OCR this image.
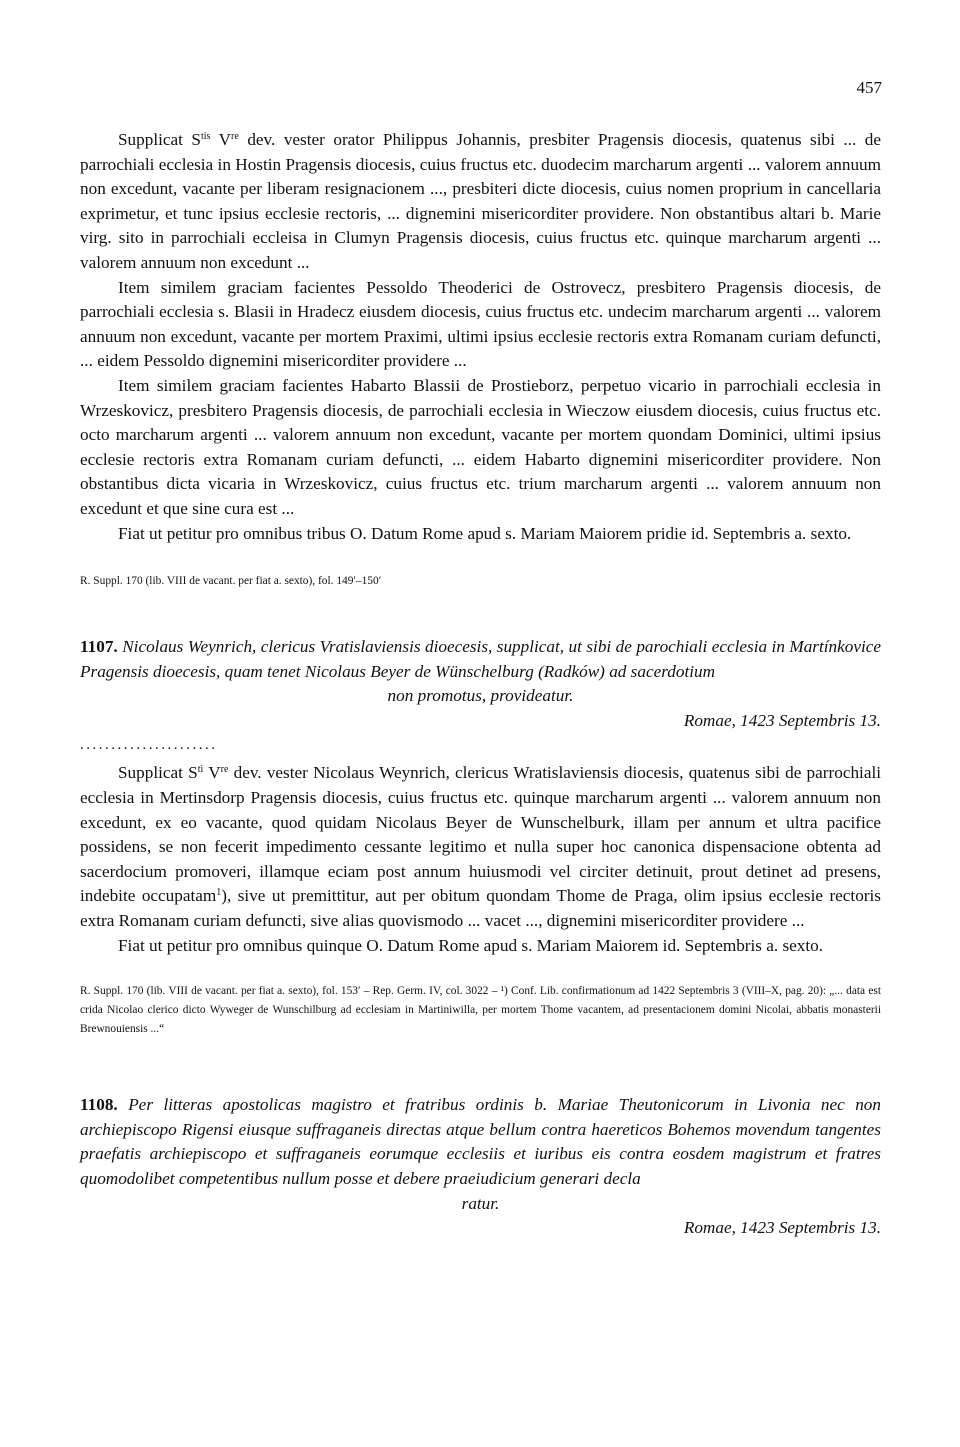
457

Supplicat $S^{tis}$ Vre dev. vester orator Philippus Johannis, presbiter Pragensis diocesis, quatenus sibi ... de parrochiali ecclesia in Hostin Pragensis diocesis, cuius fructus etc. duodecim marcharum argenti ... valorem annuum non excedunt, vacante per liberam resignacionem ..., presbiteri dicte diocesis, cuius nomen proprium in cancellaria exprimetur, et tunc ipsius ecclesie rectoris, ... dignemini misericorditer providere. Non obstantibus altari b. Marie virg. sito in parrochiali eccleisa in Clumyn Pragensis diocesis, cuius fructus etc. quinque marcharum argenti ... valorem annuum non excedunt ...

Item similem graciam facientes Pessoldo Theoderici de Ostrovecz, presbitero Pragensis diocesis, de parrochiali ecclesia s. Blasii in Hradecz eiusdem diocesis, cuius fructus etc. undecim marcharum argenti ... valorem annuum non excedunt, vacante per mortem Praximi, ultimi ipsius ecclesie rectoris extra Romanam curiam defuncti, ... eidem Pessoldo dignemini misericorditer providere ...

Item similem graciam facientes Habarto Blassii de Prostieborz, perpetuo vicario in parrochiali ecclesia in Wrzeskovicz, presbitero Pragensis diocesis, de parrochiali ecclesia in Wieczow eiusdem diocesis, cuius fructus etc. octo marcharum argenti ... valorem annuum non excedunt, vacante per mortem quondam Dominici, ultimi ipsius ecclesie rectoris extra Romanam curiam defuncti, ... eidem Habarto dignemini misericorditer providere. Non obstantibus dicta vicaria in Wrzeskovicz, cuius fructus etc. trium marcharum argenti ... valorem annuum non excedunt et que sine cura est ...

Fiat ut petitur pro omnibus tribus O. Datum Rome apud s. Mariam Maiorem pridie id. Septembris a. sexto.

R. Suppl. 170 (lib. VIII de vacant. per fiat a. sexto), fol. 149′–150′

1107. Nicolaus Weynrich, clericus Vratislaviensis dioecesis, supplicat, ut sibi de parochiali ecclesia in Martínkovice Pragensis dioecesis, quam tenet Nicolaus Beyer de Wünschelburg (Radków) ad sacerdotium

non promotus, provideatur.

Romae, 1423 Septembris 13.

......................

Supplicat $S^{ti}$ Vre dev. vester Nicolaus Weynrich, clericus Wratislaviensis diocesis, quatenus sibi de parrochiali ecclesia in Mertinsdorp Pragensis diocesis, cuius fructus etc. quinque marcharum argenti ... valorem annuum non excedunt, ex eo vacante, quod quidam Nicolaus Beyer de Wunschelburk, illam per annum et ultra pacifice possidens, se non fecerit impedimento cessante legitimo et nulla super hoc canonica dispensacione obtenta ad sacerdocium promoveri, illamque eciam post annum huiusmodi vel circiter detinuit, prout detinet ad presens, indebite occupatam$^1$), sive ut premittitur, aut per obitum quondam Thome de Praga, olim ipsius ecclesie rectoris extra Romanam curiam defuncti, sive alias quovismodo ... vacet ..., dignemini misericorditer providere ...

Fiat ut petitur pro omnibus quinque O. Datum Rome apud s. Mariam Maiorem id. Septembris a. sexto.

R. Suppl. 170 (lib. VIII de vacant. per fiat a. sexto), fol. 153′ – Rep. Germ. IV, col. 3022 – ¹) Conf. Lib. confirmationum ad 1422 Septembris 3 (VIII–X, pag. 20): „... data est crida Nicolao clerico dicto Wyweger de Wunschilburg ad ecclesiam in Martiniwilla, per mortem Thome vacantem, ad presentacionem domini Nicolai, abbatis monasterii Brewnouiensis ...“

1108. Per litteras apostolicas magistro et fratribus ordinis b. Mariae Theutonicorum in Livonia nec non archiepiscopo Rigensi eiusque suffraganeis directas atque bellum contra haereticos Bohemos movendum tangentes praefatis archiepiscopo et suffraganeis eorumque ecclesiis et iuribus eis contra eosdem magistrum et fratres quomodolibet competentibus nullum posse et debere praeiudicium generari decla

ratur.

Romae, 1423 Septembris 13.
